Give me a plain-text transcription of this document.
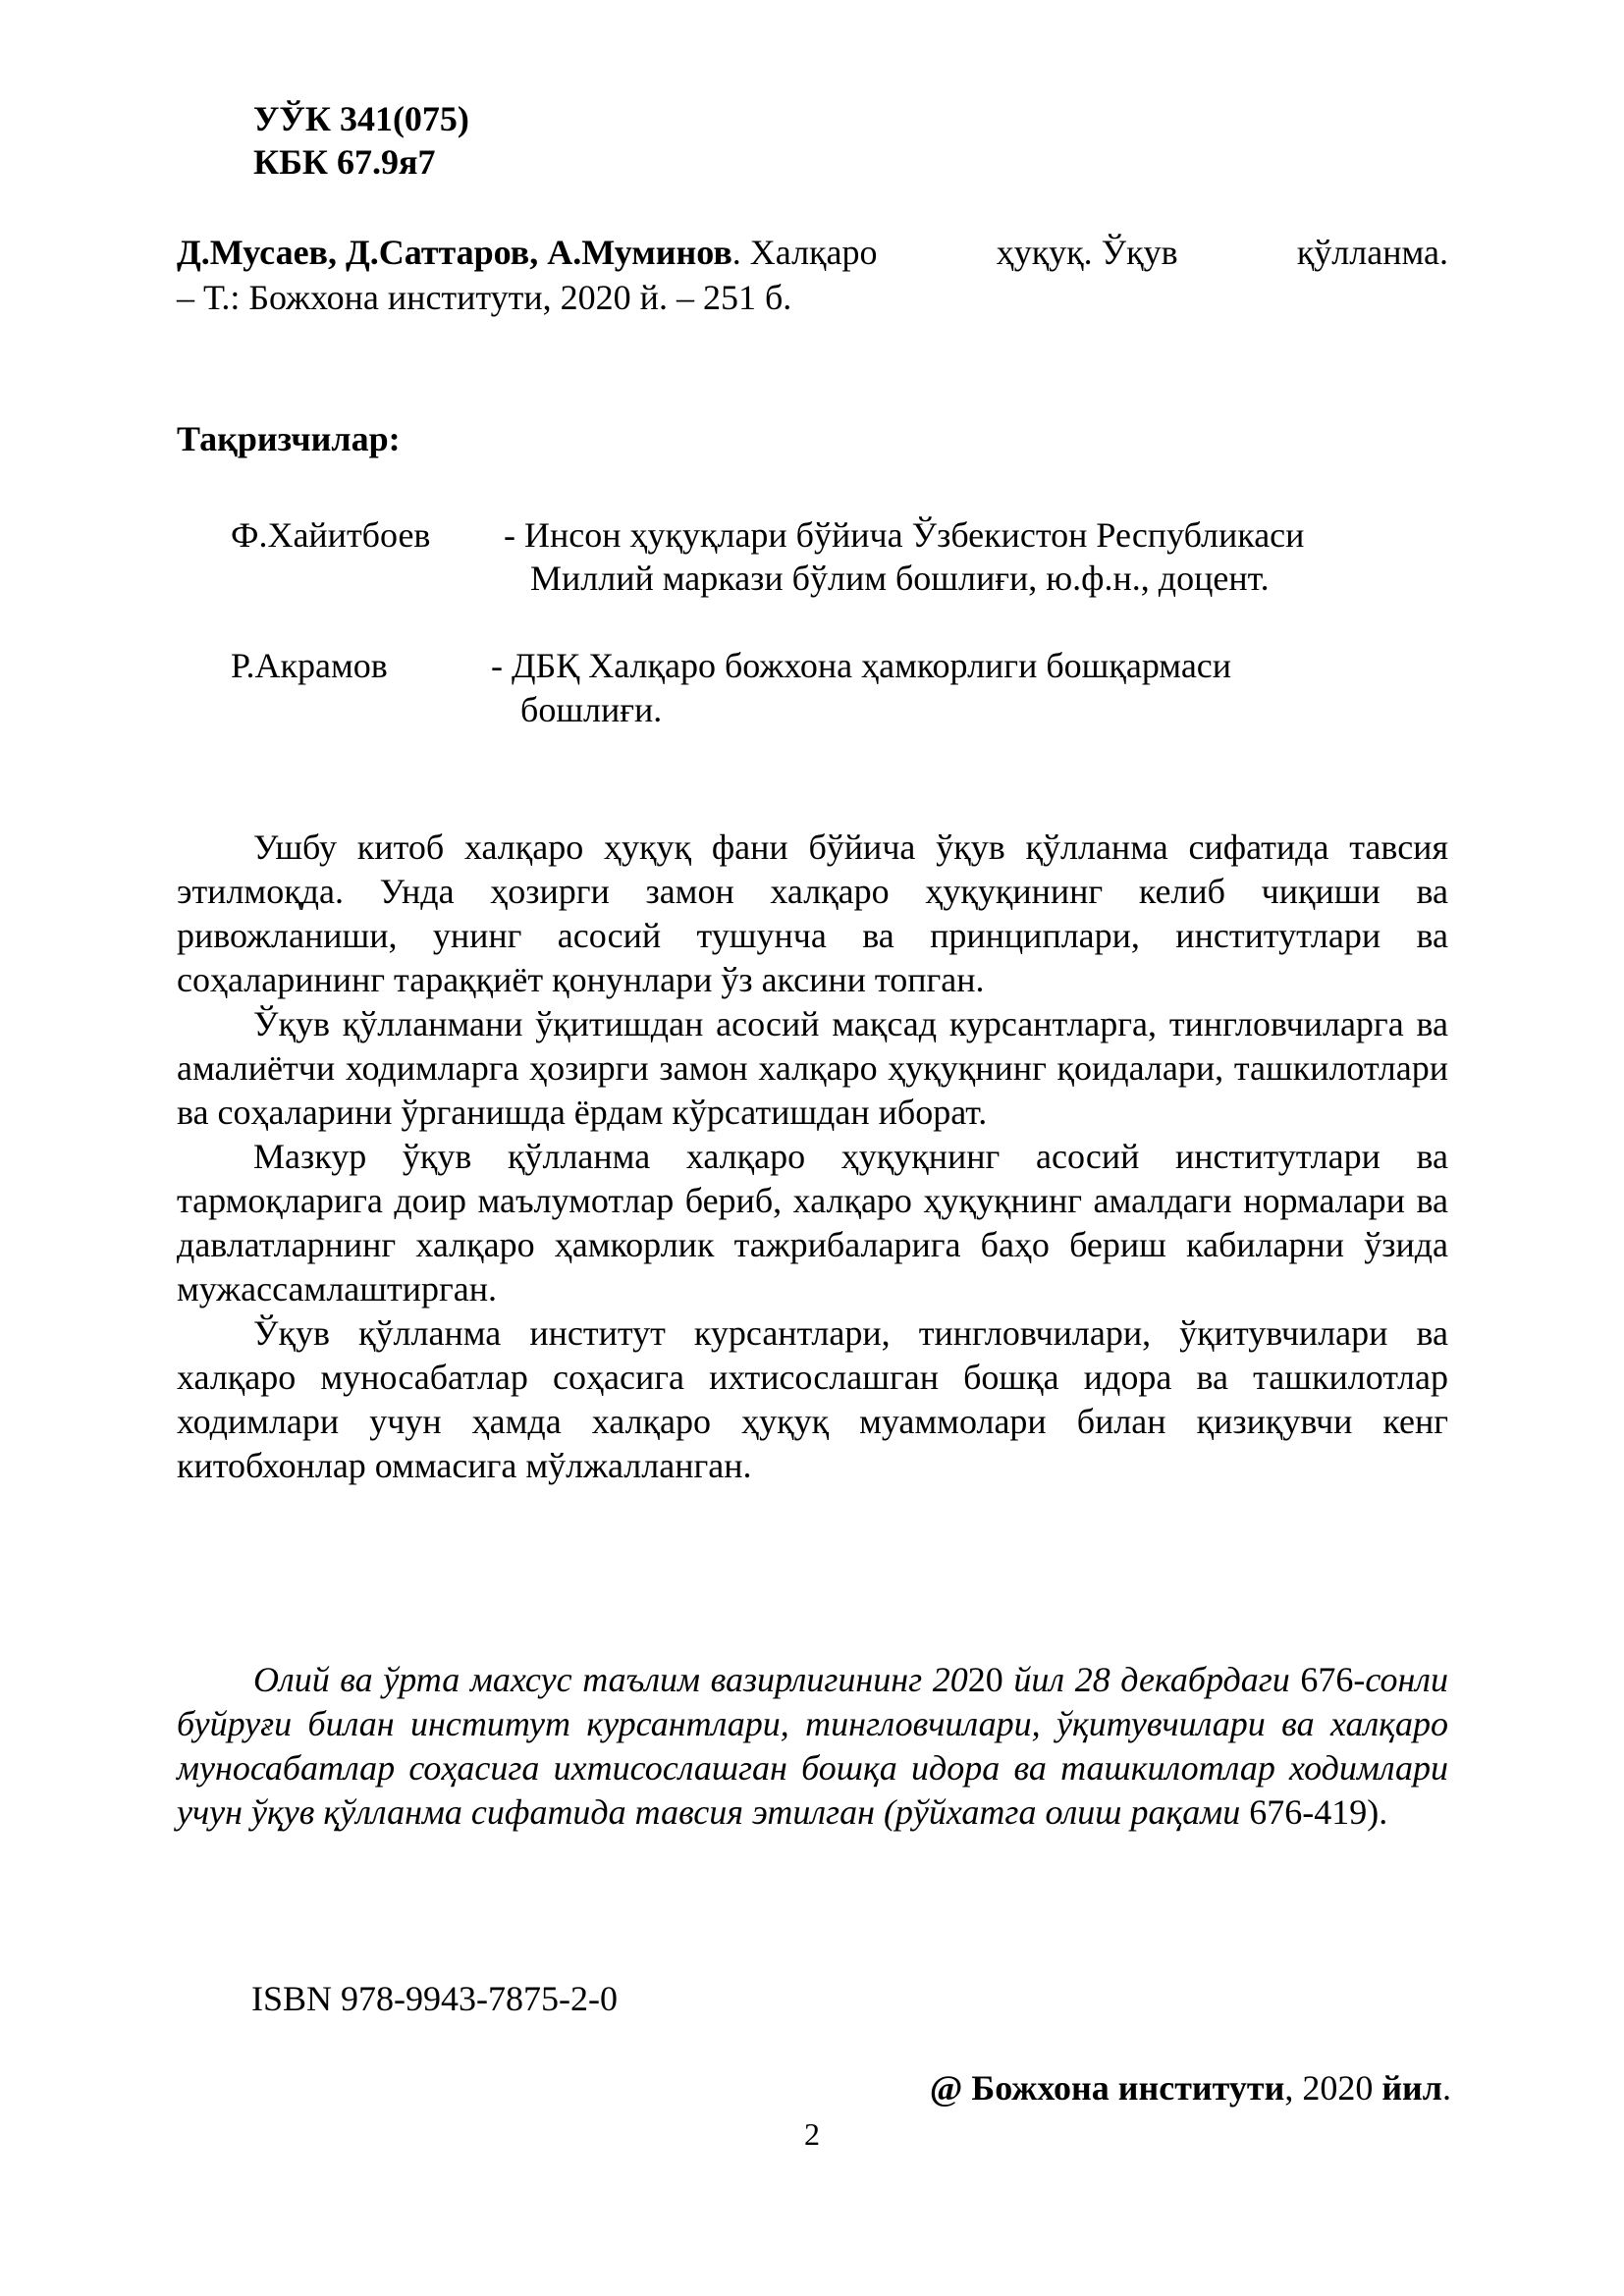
УЎК 341(075)
КБК 67.9я7
Д.Мусаев, Д.Саттаров, А.Муминов. Халқаро	ҳуқуқ. Ўқув	қўлланма.
– Т.: Божхона институти, 2020 й. – 251 б.
Тақризчилар:
Ф.Хайитбоев - Инсон ҳуқуқлари бўйича Ўзбекистон Республикаси
Миллий маркази бўлим бошлиғи, ю.ф.н., доцент.
Р.Акрамов	- ДБҚ Халқаро божхона ҳамкорлиги бошқармаси
бошлиғи.

Ушбу китоб халқаро ҳуқуқ фани бўйича ўқув қўлланма сифатида тавсия этилмоқда. Унда ҳозирги замон халқаро ҳуқуқининг келиб чиқиши ва ривожланиши, унинг асосий тушунча ва принциплари, институтлари ва соҳаларининг тараққиёт қонунлари ўз аксини топган.

Ўқув қўлланмани ўқитишдан асосий мақсад курсантларга, тингловчиларга ва амалиётчи ходимларга ҳозирги замон халқаро ҳуқуқнинг қоидалари, ташкилотлари ва соҳаларини ўрганишда ёрдам кўрсатишдан иборат.

Мазкур ўқув қўлланма халқаро ҳуқуқнинг асосий институтлари ва тармоқларига доир маълумотлар бериб, халқаро ҳуқуқнинг амалдаги нормалари ва давлатларнинг халқаро ҳамкорлик тажрибаларига баҳо бериш кабиларни ўзида мужассамлаштирган.

Ўқув қўлланма институт курсантлари, тингловчилари, ўқитувчилари ва халқаро муносабатлар соҳасига ихтисослашган бошқа идора ва ташкилотлар ходимлари учун ҳамда халқаро ҳуқуқ муаммолари билан қизиқувчи кенг китобхонлар оммасига мўлжалланган.

Олий ва ўрта махсус таълим вазирлигининг 2020 йил 28 декабрдаги 676-сонли буйруғи билан институт курсантлари, тингловчилари, ўқитувчилари ва халқаро муносабатлар соҳасига ихтисослашган бошқа идора ва ташкилотлар ходимлари учун ўқув қўлланма сифатида тавсия этилган (рўйхатга олиш рақами 676-419).

ISBN 978-9943-7875-2-0
@ Божхона институти, 2020 йил.
2
